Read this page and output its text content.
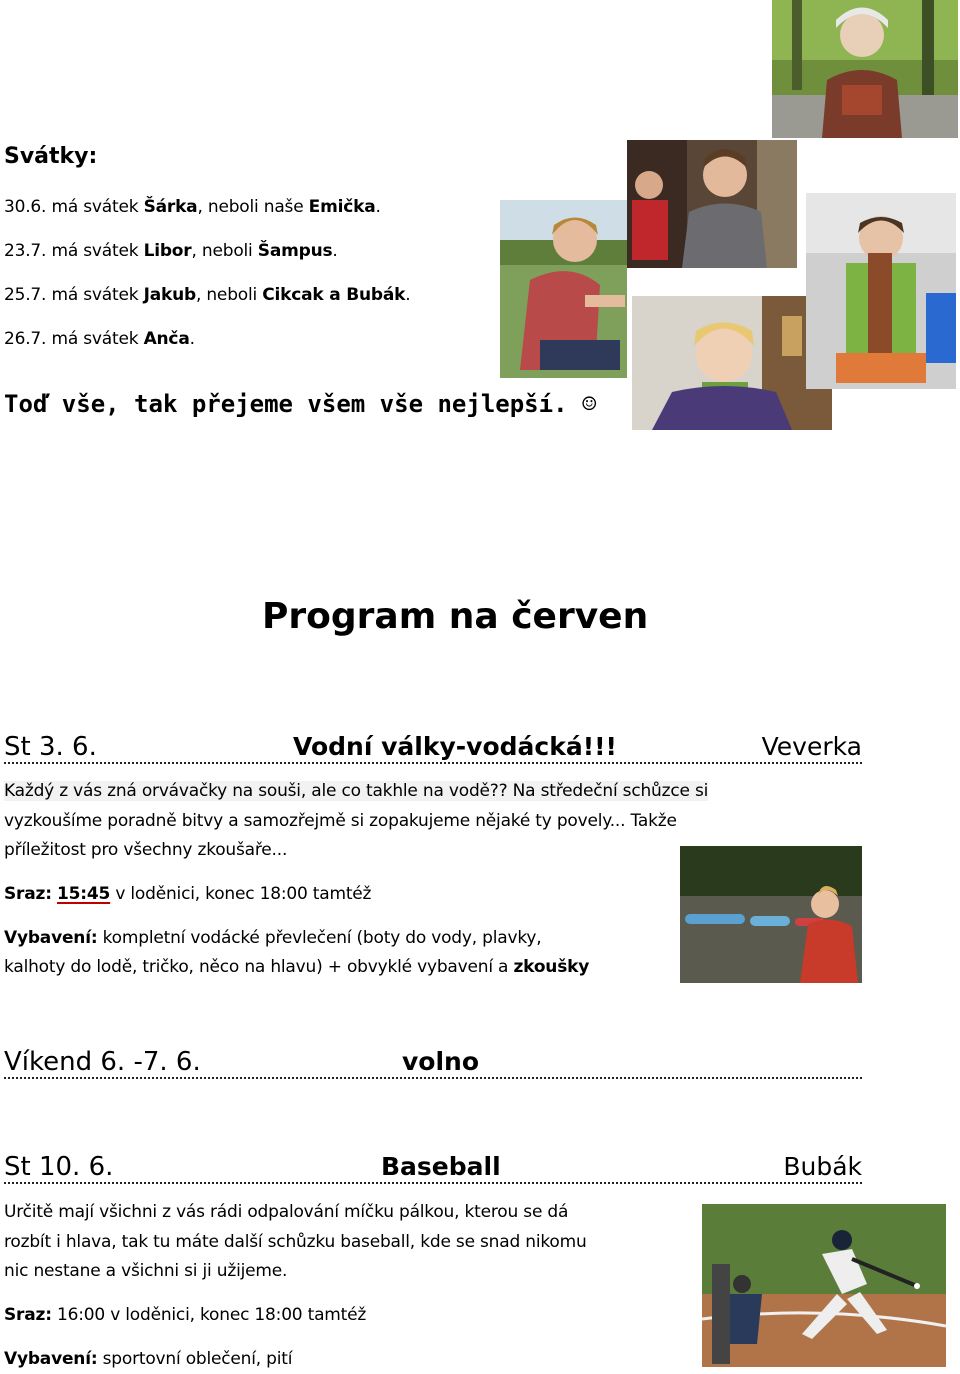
Svátky:
30.6. má svátek Šárka, neboli naše Emička.
23.7. má svátek Libor, neboli Šampus.
25.7. má svátek Jakub, neboli Cikcak a Bubák.
26.7. má svátek Anča.
Toď vše, tak přejeme všem vše nejlepší. ☺
Program na červen
St 3. 6.	Vodní války-vodácká!!!	Veverka
Každý z vás zná orvávačky na souši, ale co takhle na vodě?? Na středeční schůzce si
vyzkoušíme poradně bitvy a samozřejmě si zopakujeme nějaké ty povely... Takže
příležitost pro všechny zkoušaře...
Sraz: 15:45 v loděnici, konec 18:00 tamtéž
Vybavení: kompletní vodácké převlečení (boty do vody, plavky,
kalhoty do lodě, tričko, něco na hlavu) + obvyklé vybavení a zkoušky
Víkend 6. -7. 6.	volno
St 10. 6.	Baseball	Bubák
Určitě mají všichni z vás rádi odpalování míčku pálkou, kterou se dá
rozbít i hlava, tak tu máte další schůzku baseball, kde se snad nikomu
nic nestane a všichni si ji užijeme.
Sraz: 16:00 v loděnici, konec 18:00 tamtéž
Vybavení: sportovní oblečení, pití
